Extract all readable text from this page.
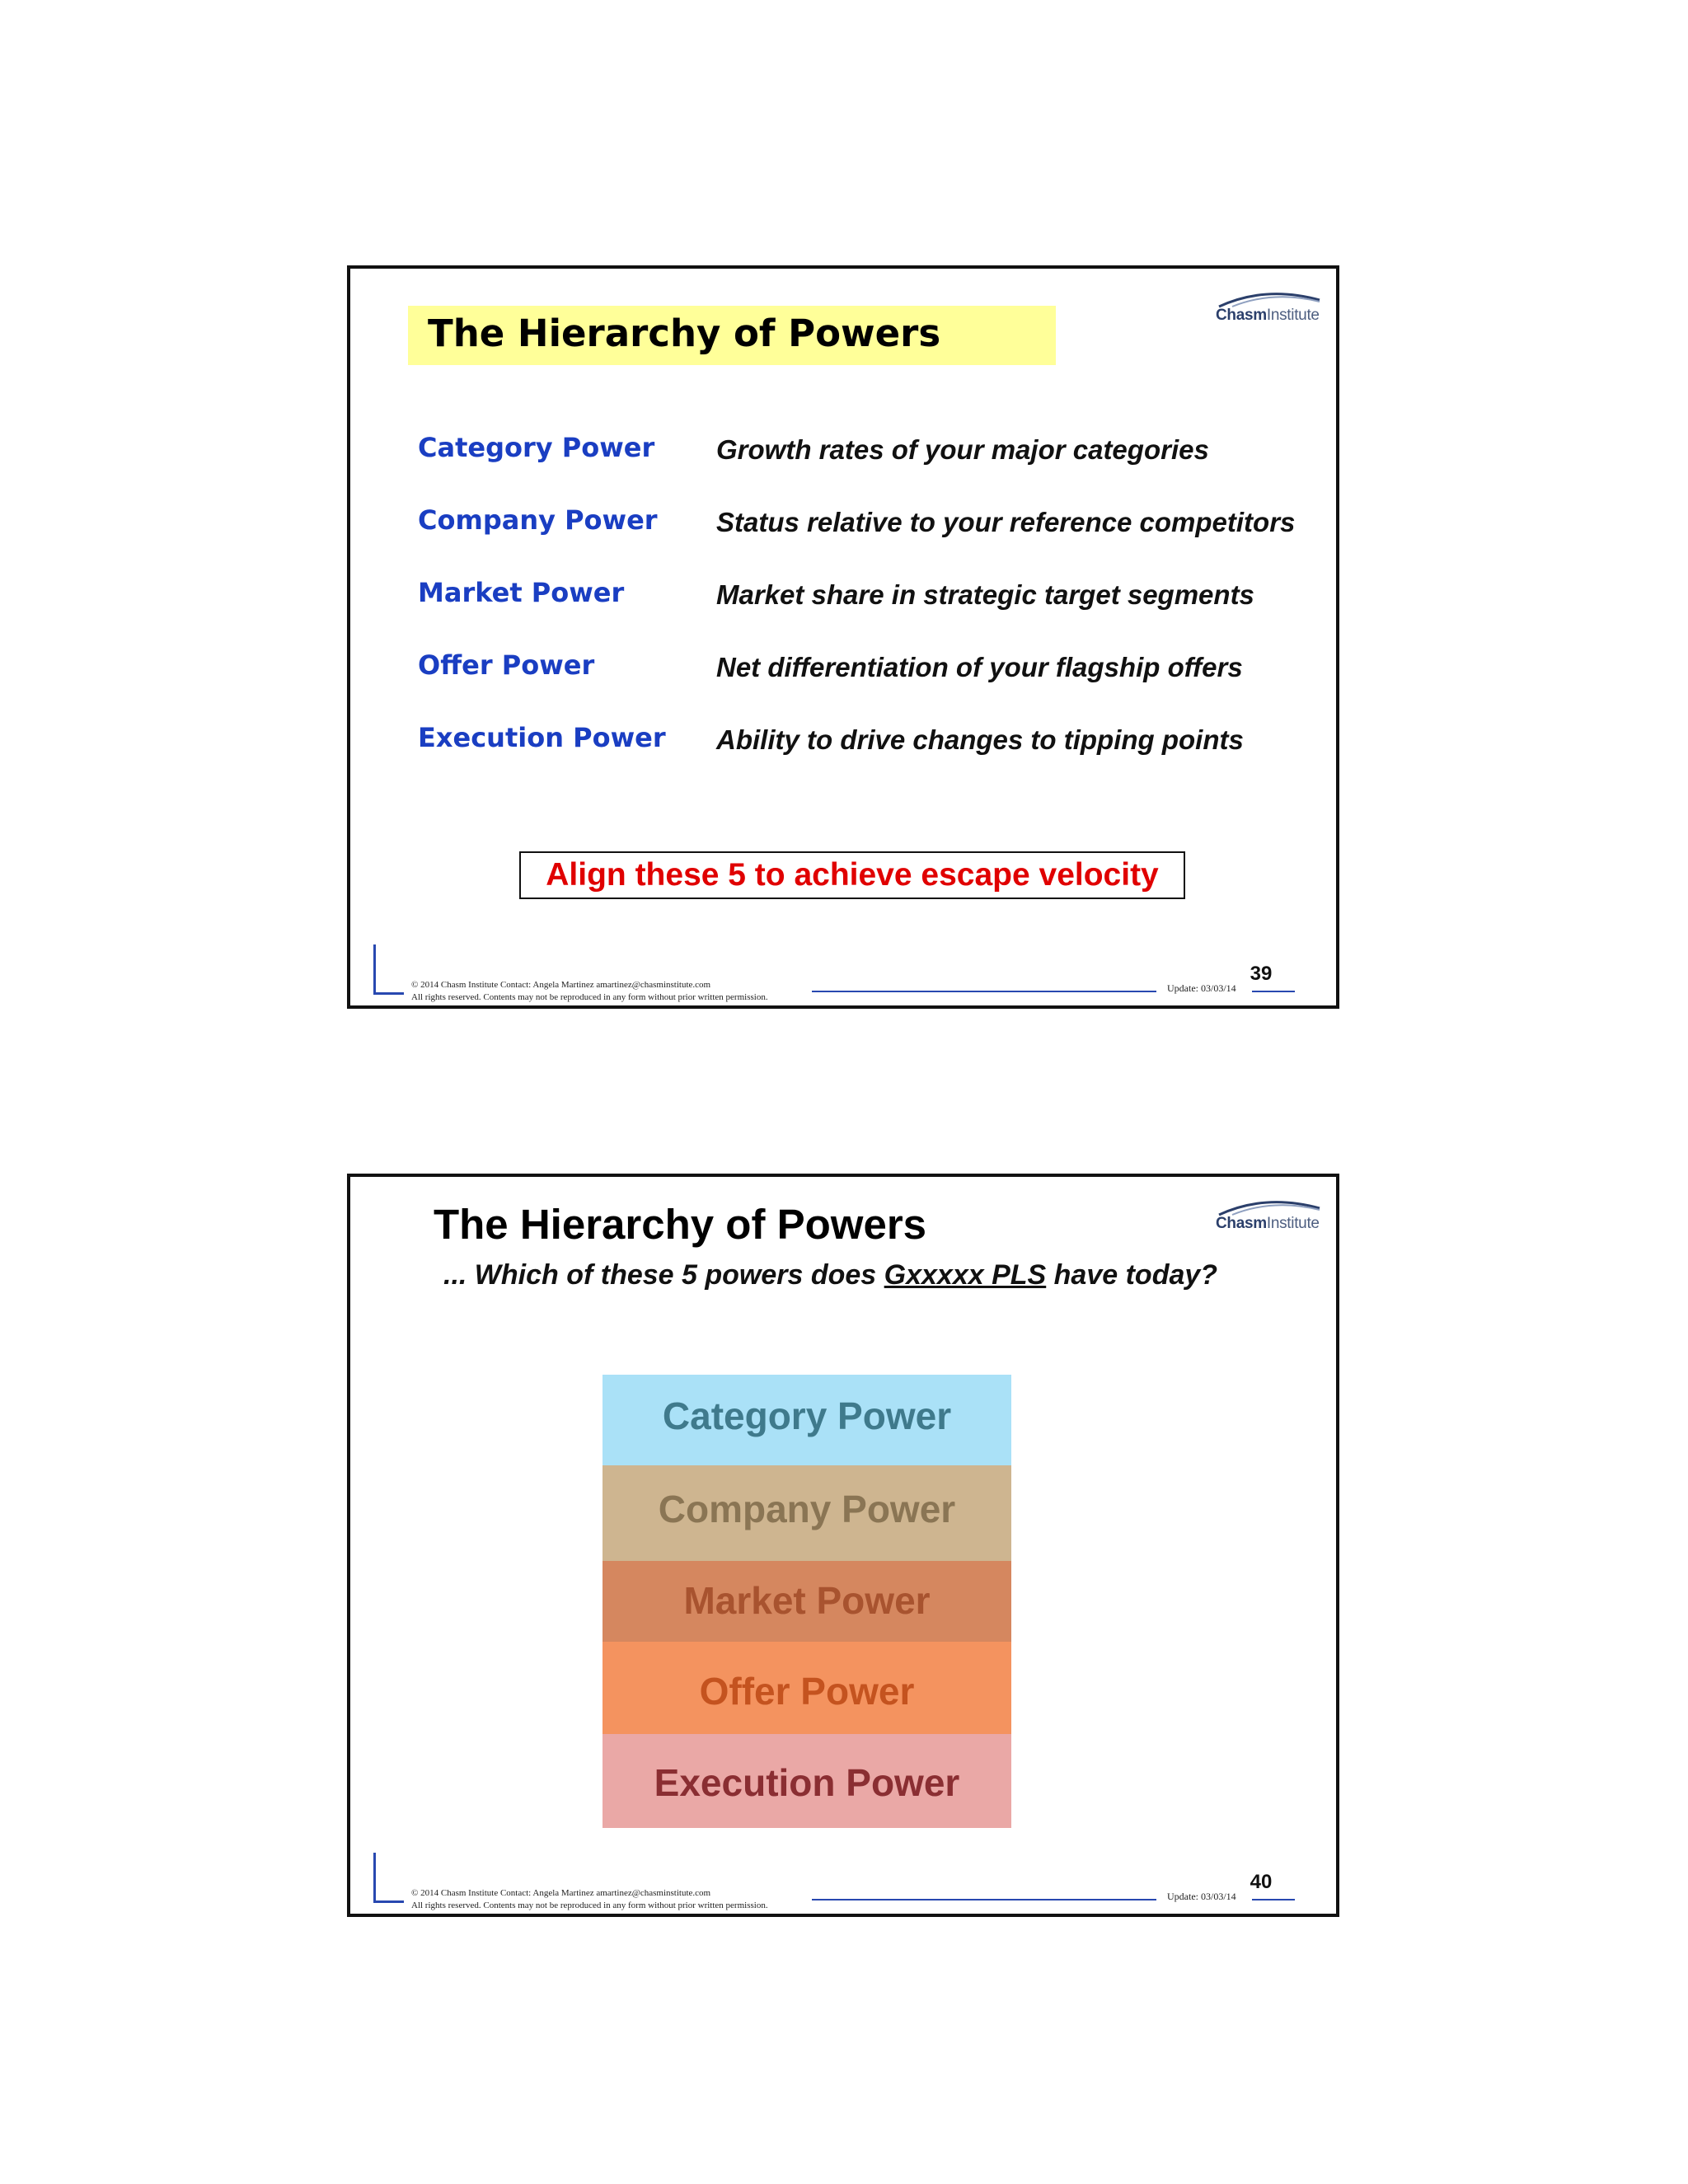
ChasmInstitute
The Hierarchy of Powers
Category Power Growth rates of your major categories
Company Power Status relative to your reference competitors
Market Power	Market share in strategic target segments
Offer Power	Net differentiation of your flagship offers
Execution Power Ability to drive changes to tipping points
Align these 5 to achieve escape velocity
© 2014 Chasm Institute Contact: Angela Martinez amartinez@chasminstitute.com
All rights reserved. Contents may not be reproduced in any form without prior written permission.
Update: 03/03/14
39
ChasmInstitute
The Hierarchy of Powers
... Which of these 5 powers does Gxxxxx PLS have today?
Category Power
Company Power
Market Power
Offer Power
Execution Power
© 2014 Chasm Institute Contact: Angela Martinez amartinez@chasminstitute.com
All rights reserved. Contents may not be reproduced in any form without prior written permission.
Update: 03/03/14
40
